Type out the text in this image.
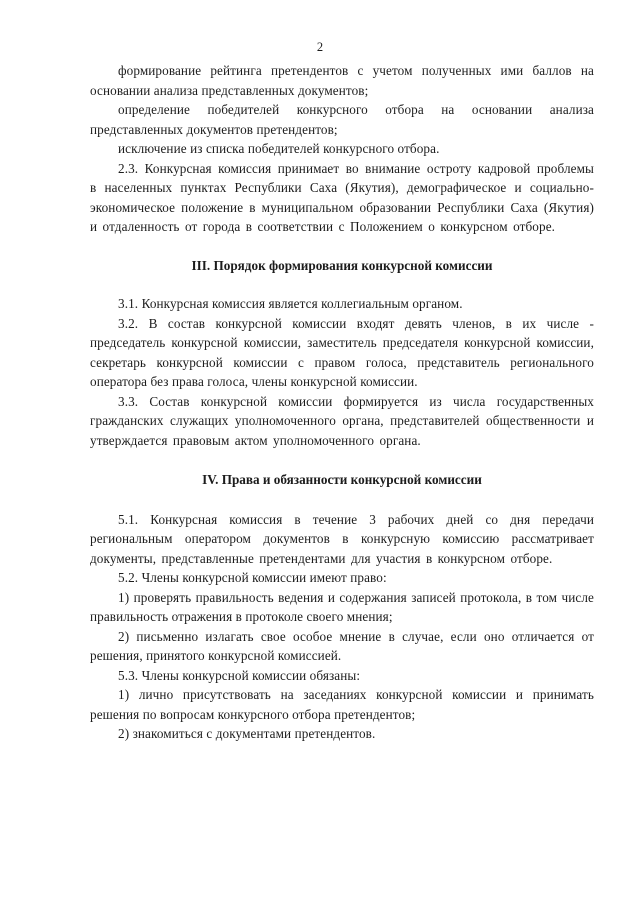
2

формирование рейтинга претендентов с учетом полученных ими баллов на основании анализа представленных документов;

определение победителей конкурсного отбора на основании анализа представленных документов претендентов;

исключение из списка победителей конкурсного отбора.

2.3. Конкурсная комиссия принимает во внимание остроту кадровой проблемы в населенных пунктах Республики Саха (Якутия), демографическое и социально-экономическое положение в муниципальном образовании Республики Саха (Якутия) и отдаленность от города в соответствии с Положением о конкурсном отборе.

III. Порядок формирования конкурсной комиссии

3.1. Конкурсная комиссия является коллегиальным органом.

3.2. В состав конкурсной комиссии входят девять членов, в их числе - председатель конкурсной комиссии, заместитель председателя конкурсной комиссии, секретарь конкурсной комиссии с правом голоса, представитель регионального оператора без права голоса, члены конкурсной комиссии.

3.3. Состав конкурсной комиссии формируется из числа государственных гражданских служащих уполномоченного органа, представителей общественности и утверждается правовым актом уполномоченного органа.

IV. Права и обязанности конкурсной комиссии

5.1. Конкурсная комиссия в течение 3 рабочих дней со дня передачи региональным оператором документов в конкурсную комиссию рассматривает документы, представленные претендентами для участия в конкурсном отборе.

5.2. Члены конкурсной комиссии имеют право:

1) проверять правильность ведения и содержания записей протокола, в том числе правильность отражения в протоколе своего мнения;

2) письменно излагать свое особое мнение в случае, если оно отличается от решения, принятого конкурсной комиссией.

5.3. Члены конкурсной комиссии обязаны:

1) лично присутствовать на заседаниях конкурсной комиссии и принимать решения по вопросам конкурсного отбора претендентов;

2) знакомиться с документами претендентов.
